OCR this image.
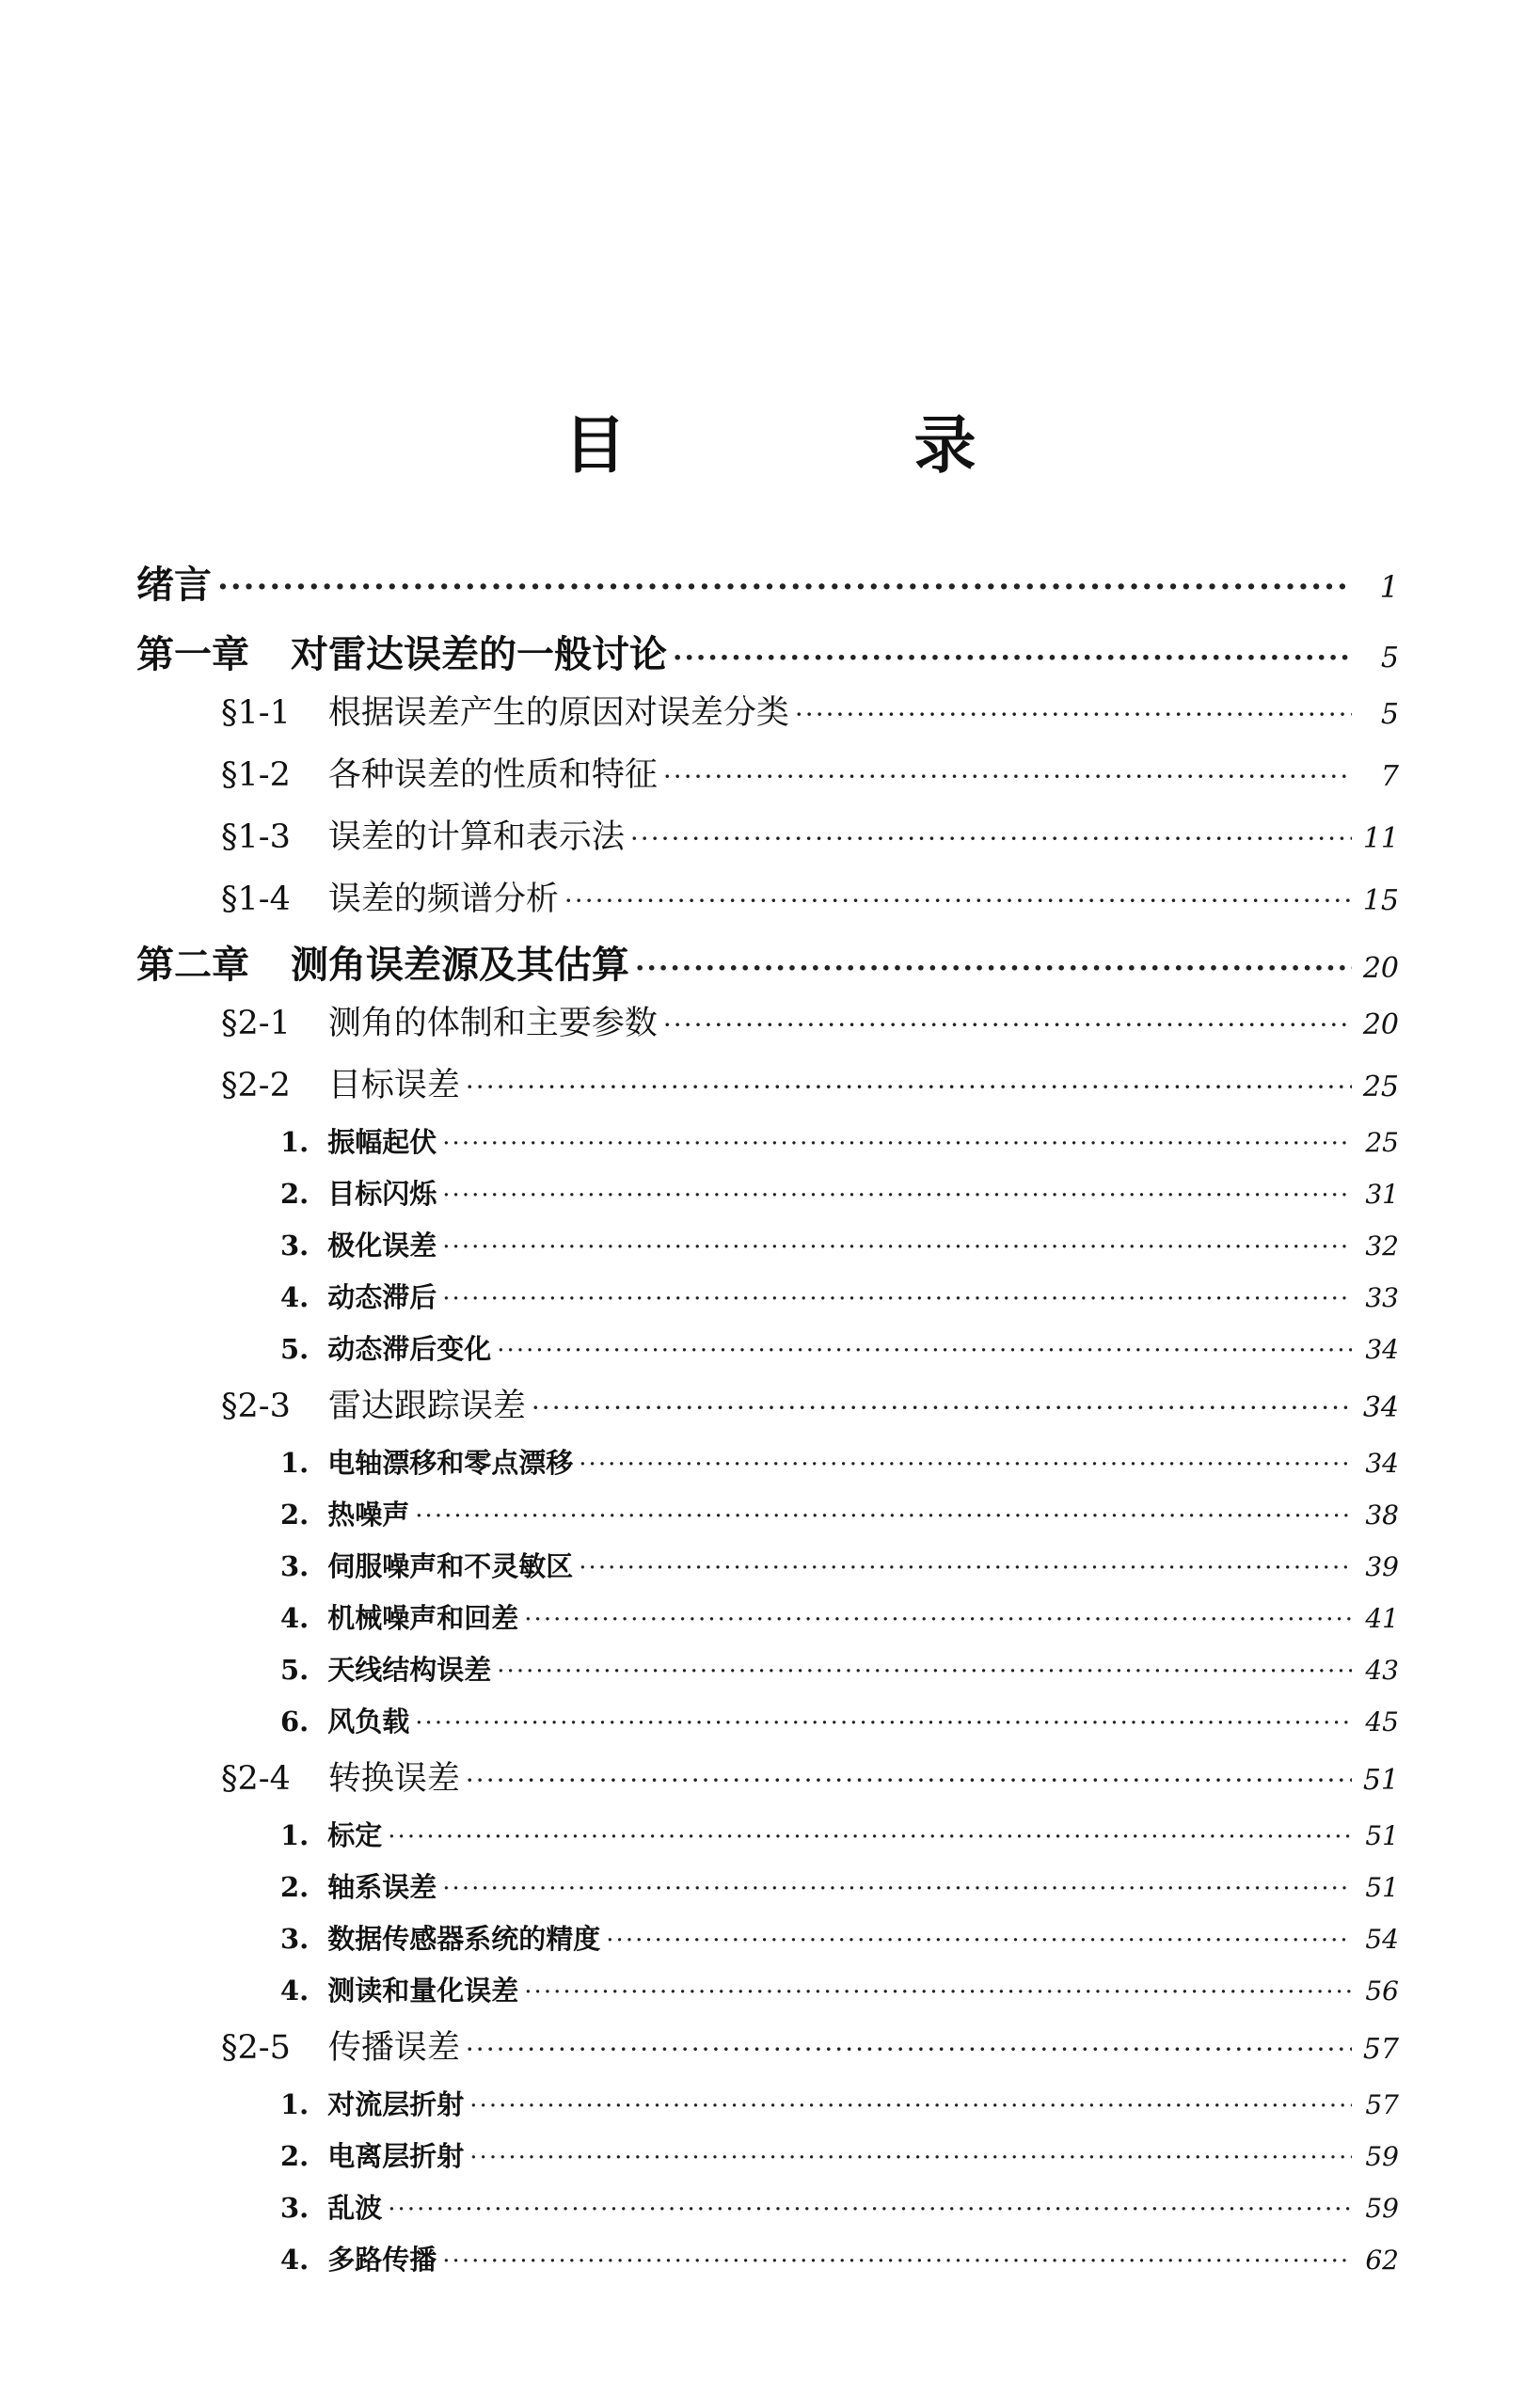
目　录
绪言 ·····	1
第一章 对雷达误差的一般讨论 ·····	5
§1-1 根据误差产生的原因对误差分类 ·····	5
§1-2 各种误差的性质和特征 ·····	7
§1-3 误差的计算和表示法 ·····	11
§1-4 误差的频谱分析 ·····	15
第二章 测角误差源及其估算 ·····	20
§2-1 测角的体制和主要参数 ·····	20
§2-2 目标误差 ·····	25
1. 振幅起伏 ·····	25
2. 目标闪烁 ·····	31
3. 极化误差 ·····	32
4. 动态滞后 ·····	33
5. 动态滞后变化 ·····	34
§2-3 雷达跟踪误差 ·····	34
1. 电轴漂移和零点漂移 ·····	34
2. 热噪声 ·····	38
3. 伺服噪声和不灵敏区 ·····	39
4. 机械噪声和回差 ·····	41
5. 天线结构误差 ·····	43
6. 风负载 ·····	45
§2-4 转换误差 ·····	51
1. 标定 ·····	51
2. 轴系误差 ·····	51
3. 数据传感器系统的精度 ·····	54
4. 测读和量化误差 ·····	56
§2-5 传播误差 ·····	57
1. 对流层折射 ·····	57
2. 电离层折射 ·····	59
3. 乱波 ·····	59
4. 多路传播 ·····	62
